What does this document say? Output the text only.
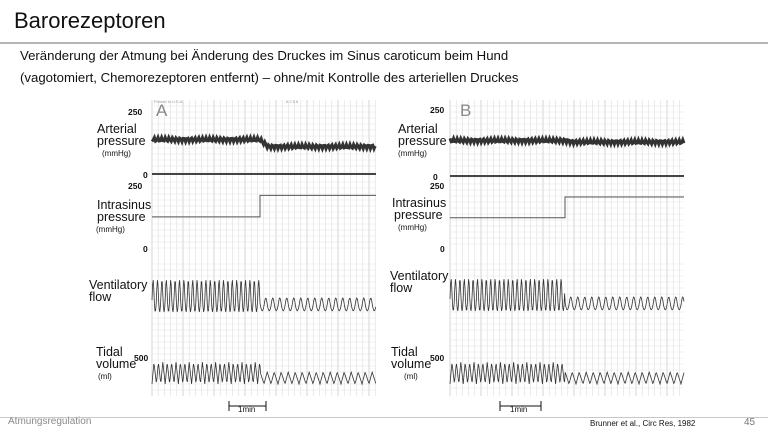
Barorezeptoren
Veränderung der Atmung bei Änderung des Druckes im Sinus caroticum beim Hund
(vagotomiert, Chemorezeptoren entfernt) – ohne/mit Kontrolle des arteriellen Druckes
Printed in U.S.A.	6 2 5 6
A
Arterial
pressure
(mmHg)
250
0
Intrasinus
pressure
(mmHg)
250
0
Ventilatory
flow
Tidal
volume
(ml)
500
1min
B
Arterial
pressure
(mmHg)
250
0
Intrasinus
pressure
(mmHg)
250
0
Ventilatory
flow
Tidal
volume
(ml)
500
1min
Atmungsregulation	Brunner et al., Circ Res, 1982	45
